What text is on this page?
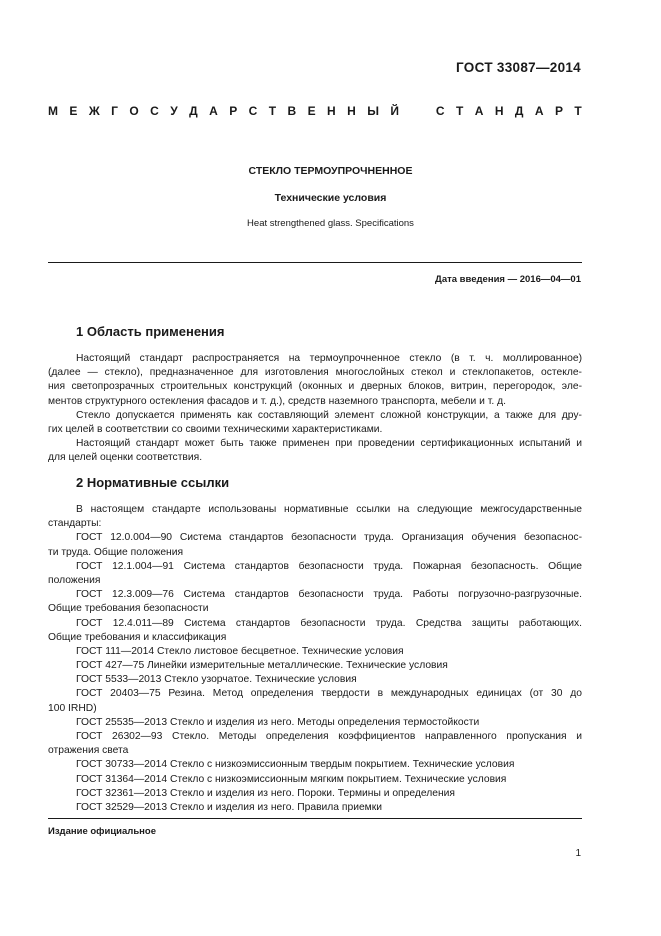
ГОСТ 33087—2014
М Е Ж Г О С У Д А Р С Т В Е Н Н Ы Й	С Т А Н Д А Р Т
СТЕКЛО ТЕРМОУПРОЧНЕННОЕ
Технические условия
Heat strengthened glass. Specifications
Дата введения — 2016—04—01
1 Область применения
Настоящий стандарт распространяется на термоупрочненное стекло (в т. ч. моллированное)
(далее — стекло), предназначенное для изготовления многослойных стекол и стеклопакетов, остекле-
ния светопрозрачных строительных конструкций (оконных и дверных блоков, витрин, перегородок, эле-
ментов структурного остекления фасадов и т. д.), средств наземного транспорта, мебели и т. д.
Стекло допускается применять как составляющий элемент сложной конструкции, а также для дру-
гих целей в соответствии со своими техническими характеристиками.
Настоящий стандарт может быть также применен при проведении сертификационных испытаний и
для целей оценки соответствия.
2 Нормативные ссылки
В настоящем стандарте использованы нормативные ссылки на следующие межгосударственные
стандарты:
ГОСТ 12.0.004—90 Система стандартов безопасности труда. Организация обучения безопаснос-
ти труда. Общие положения
ГОСТ 12.1.004—91 Система стандартов безопасности труда. Пожарная безопасность. Общие
положения
ГОСТ 12.3.009—76 Система стандартов безопасности труда. Работы погрузочно-разгрузочные.
Общие требования безопасности
ГОСТ 12.4.011—89 Система стандартов безопасности труда. Средства защиты работающих.
Общие требования и классификация
ГОСТ 111—2014 Стекло листовое бесцветное. Технические условия
ГОСТ 427—75 Линейки измерительные металлические. Технические условия
ГОСТ 5533—2013 Стекло узорчатое. Технические условия
ГОСТ 20403—75 Резина. Метод определения твердости в международных единицах (от 30 до
100 IRHD)
ГОСТ 25535—2013 Стекло и изделия из него. Методы определения термостойкости
ГОСТ 26302—93 Стекло. Методы определения коэффициентов направленного пропускания и
отражения света
ГОСТ 30733—2014 Стекло с низкоэмиссионным твердым покрытием. Технические условия
ГОСТ 31364—2014 Стекло с низкоэмиссионным мягким покрытием. Технические условия
ГОСТ 32361—2013 Стекло и изделия из него. Пороки. Термины и определения
ГОСТ 32529—2013 Стекло и изделия из него. Правила приемки
Издание официальное
1
